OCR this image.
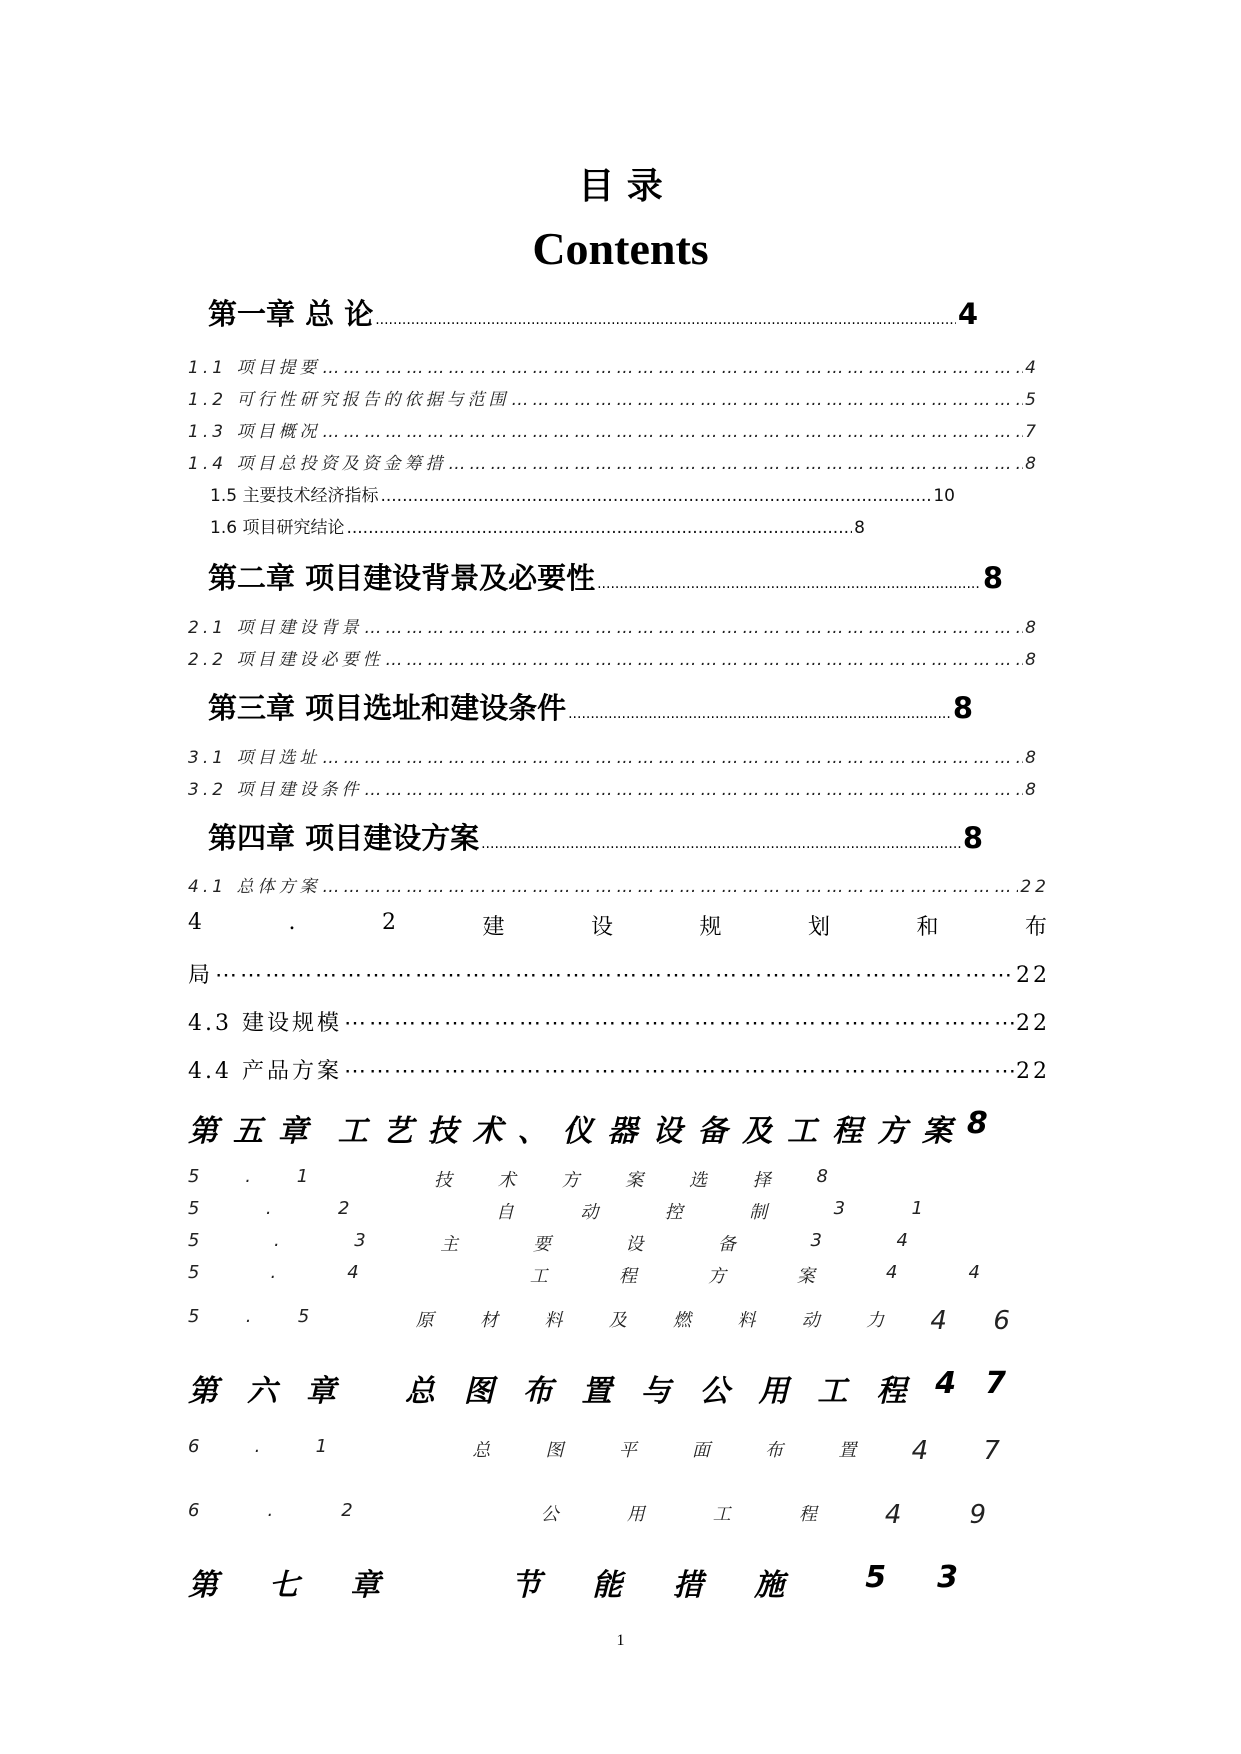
目 录
Contents
第一章 总 论 .....	4
1.1 项目提要 ……………………………………………………………………………………………………………………………………………………………………………………………………………………………………………………………………	4
1.2 可行性研究报告的依据与范围 ……………………………………………………………………………………………………………………………………………………………………………………………………………………………………………………………………	5
1.3 项目概况 ……………………………………………………………………………………………………………………………………………………………………………………………………………………………………………………………………	7
1.4 项目总投资及资金筹措 ……………………………………………………………………………………………………………………………………………………………………………………………………………………………………………………………………	8
1.5 主要技术经济指标 .....	10
1.6 项目研究结论 .....	8
第二章 项目建设背景及必要性 .....	8
2.1 项目建设背景 ……………………………………………………………………………………………………………………………………………………………………………………………………………………………………………………………………	8
2.2 项目建设必要性 ……………………………………………………………………………………………………………………………………………………………………………………………………………………………………………………………………	8
第三章 项目选址和建设条件 .....	8
3.1 项目选址 ……………………………………………………………………………………………………………………………………………………………………………………………………………………………………………………………………	8
3.2 项目建设条件 ……………………………………………………………………………………………………………………………………………………………………………………………………………………………………………………………………	8
第四章 项目建设方案 .....	8
4.1 总体方案 ……………………………………………………………………………………………………………………………………………………………………………………………………………………………………………………………………	22
4	.	2	建	设	规	划	和	布
局 ⋯⋯⋯⋯⋯⋯⋯⋯⋯⋯⋯⋯⋯⋯⋯⋯⋯⋯⋯⋯⋯⋯⋯⋯⋯⋯⋯⋯⋯⋯⋯⋯⋯⋯⋯⋯⋯⋯⋯⋯⋯⋯⋯⋯⋯⋯⋯⋯⋯⋯⋯⋯⋯⋯⋯⋯⋯⋯⋯⋯⋯⋯⋯⋯⋯⋯⋯⋯⋯	22
4.3 建设规模 ⋯⋯⋯⋯⋯⋯⋯⋯⋯⋯⋯⋯⋯⋯⋯⋯⋯⋯⋯⋯⋯⋯⋯⋯⋯⋯⋯⋯⋯⋯⋯⋯⋯⋯⋯⋯⋯⋯⋯⋯⋯⋯⋯⋯⋯⋯⋯⋯⋯⋯⋯⋯⋯⋯⋯⋯⋯⋯⋯⋯⋯⋯⋯⋯⋯⋯⋯⋯⋯	22
4.4 产品方案 ⋯⋯⋯⋯⋯⋯⋯⋯⋯⋯⋯⋯⋯⋯⋯⋯⋯⋯⋯⋯⋯⋯⋯⋯⋯⋯⋯⋯⋯⋯⋯⋯⋯⋯⋯⋯⋯⋯⋯⋯⋯⋯⋯⋯⋯⋯⋯⋯⋯⋯⋯⋯⋯⋯⋯⋯⋯⋯⋯⋯⋯⋯⋯⋯⋯⋯⋯⋯⋯	22
第 五 章 工 艺 技 术 、 仪 器 设 备 及 工 程 方 案 8
5	.	1	技	术	方	案	选	择	8
5	.	2	自	动	控	制	3	1
5	.	3	主	要	设	备	3	4
5	.	4	工	程	方	案	4	4
5	.	5	原	材	料	及	燃	料	动	力 4 6
第 六 章 总 图 布 置 与 公 用 工 程 4 7
6	.	1	总	图	平	面	布	置 4 7
6	.	2	公	用	工	程	4	9
第 七 章	节 能 措 施	5 3
1
